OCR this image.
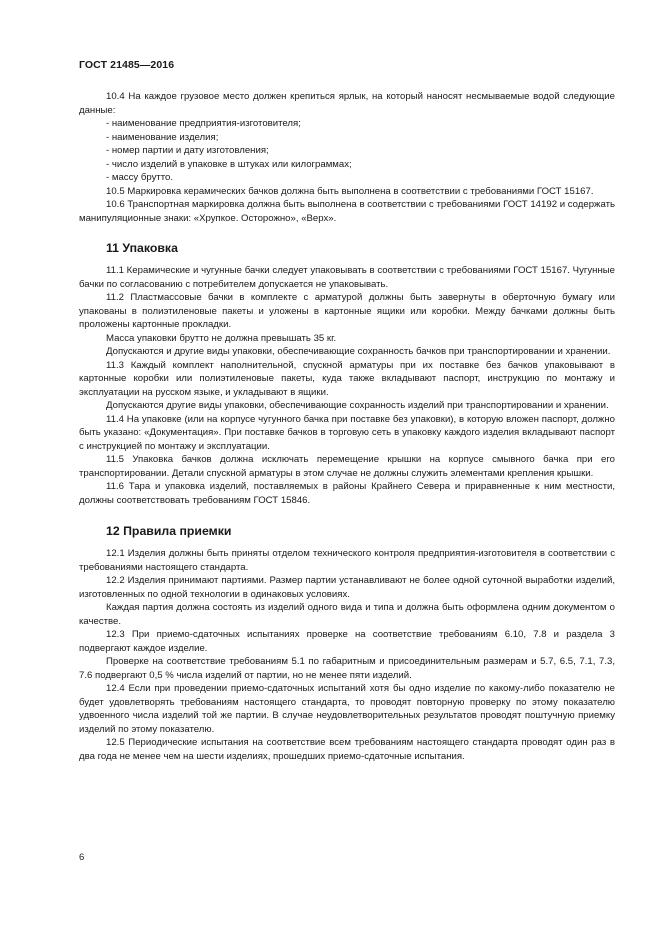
ГОСТ 21485—2016

10.4 На каждое грузовое место должен крепиться ярлык, на который наносят несмываемые водой следующие данные:

- наименование предприятия-изготовителя;

- наименование изделия;

- номер партии и дату изготовления;

- число изделий в упаковке в штуках или килограммах;

- массу брутто.

10.5 Маркировка керамических бачков должна быть выполнена в соответствии с требованиями ГОСТ 15167.

10.6 Транспортная маркировка должна быть выполнена в соответствии с требованиями ГОСТ 14192 и содержать манипуляционные знаки: «Хрупкое. Осторожно», «Верх».

11 Упаковка

11.1 Керамические и чугунные бачки следует упаковывать в соответствии с требованиями ГОСТ 15167. Чугунные бачки по согласованию с потребителем допускается не упаковывать.

11.2 Пластмассовые бачки в комплекте с арматурой должны быть завернуты в оберточную бумагу или упакованы в полиэтиленовые пакеты и уложены в картонные ящики или коробки. Между бачками должны быть проложены картонные прокладки.

Масса упаковки брутто не должна превышать 35 кг.

Допускаются и другие виды упаковки, обеспечивающие сохранность бачков при транспортировании и хранении.

11.3 Каждый комплект наполнительной, спускной арматуры при их поставке без бачков упаковывают в картонные коробки или полиэтиленовые пакеты, куда также вкладывают паспорт, инструкцию по монтажу и эксплуатации на русском языке, и укладывают в ящики.

Допускаются другие виды упаковки, обеспечивающие сохранность изделий при транспортировании и хранении.

11.4 На упаковке (или на корпусе чугунного бачка при поставке без упаковки), в которую вложен паспорт, должно быть указано: «Документация». При поставке бачков в торговую сеть в упаковку каждого изделия вкладывают паспорт с инструкцией по монтажу и эксплуатации.

11.5 Упаковка бачков должна исключать перемещение крышки на корпусе смывного бачка при его транспортировании. Детали спускной арматуры в этом случае не должны служить элементами крепления крышки.

11.6 Тара и упаковка изделий, поставляемых в районы Крайнего Севера и приравненные к ним местности, должны соответствовать требованиям ГОСТ 15846.

12 Правила приемки

12.1 Изделия должны быть приняты отделом технического контроля предприятия-изготовителя в соответствии с требованиями настоящего стандарта.

12.2 Изделия принимают партиями. Размер партии устанавливают не более одной суточной выработки изделий, изготовленных по одной технологии в одинаковых условиях.

Каждая партия должна состоять из изделий одного вида и типа и должна быть оформлена одним документом о качестве.

12.3 При приемо-сдаточных испытаниях проверке на соответствие требованиям 6.10, 7.8 и раздела 3 подвергают каждое изделие.

Проверке на соответствие требованиям 5.1 по габаритным и присоединительным размерам и 5.7, 6.5, 7.1, 7.3, 7.6 подвергают 0,5 % числа изделий от партии, но не менее пяти изделий.

12.4 Если при проведении приемо-сдаточных испытаний хотя бы одно изделие по какому-либо показателю не будет удовлетворять требованиям настоящего стандарта, то проводят повторную проверку по этому показателю удвоенного числа изделий той же партии. В случае неудовлетворительных результатов проводят поштучную приемку изделий по этому показателю.

12.5 Периодические испытания на соответствие всем требованиям настоящего стандарта проводят один раз в два года не менее чем на шести изделиях, прошедших приемо-сдаточные испытания.

6
